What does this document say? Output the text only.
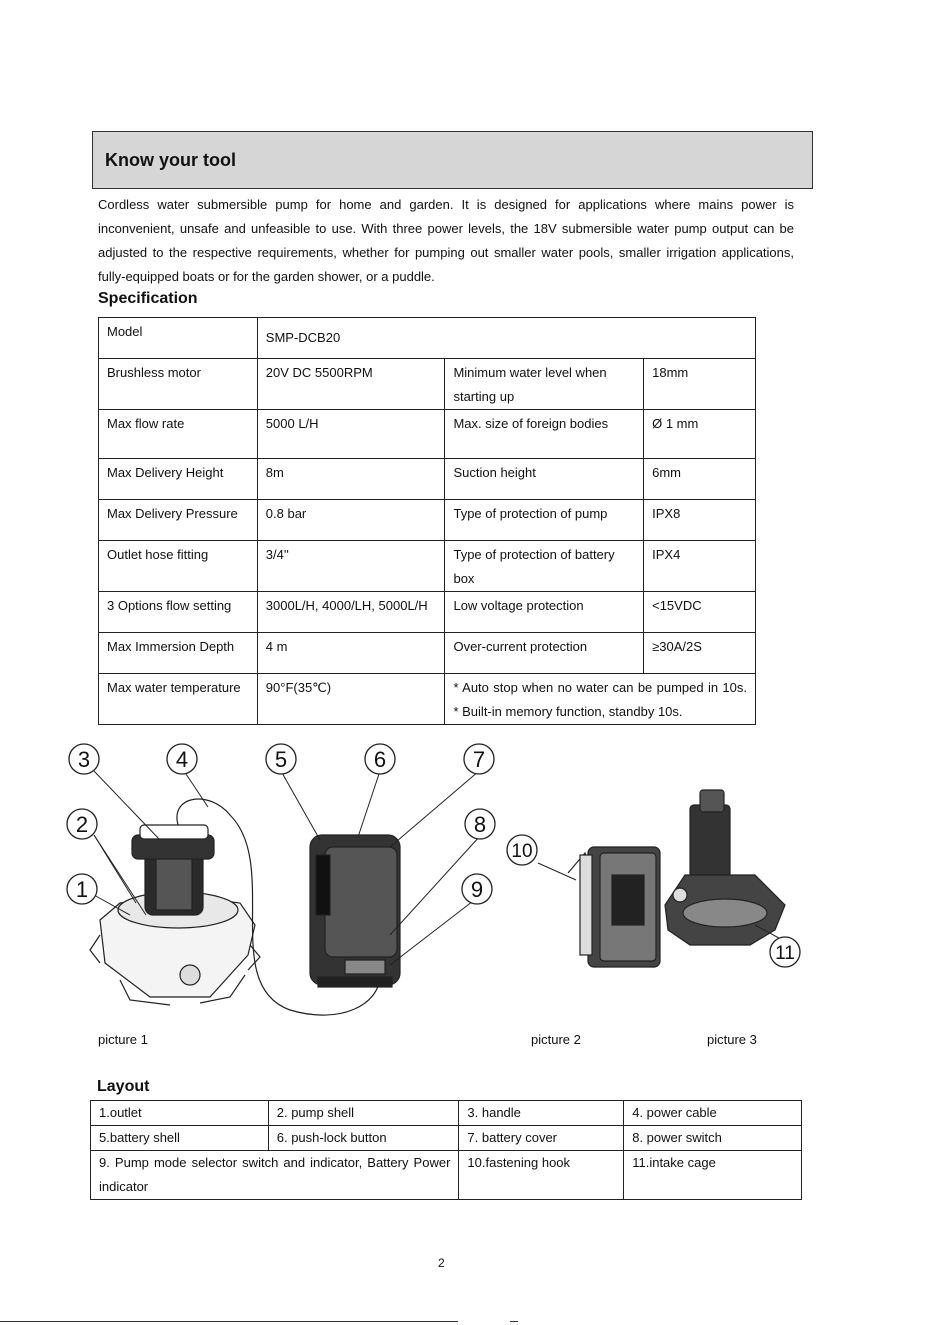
Know your tool
Cordless water submersible pump for home and garden. It is designed for applications where mains power is inconvenient, unsafe and unfeasible to use. With three power levels, the 18V submersible water pump output can be adjusted to the respective requirements, whether for pumping out smaller water pools, smaller irrigation applications, fully-equipped boats or for the garden shower, or a puddle.
Specification
Model	SMP-DCB20		
Brushless motor	20V DC 5500RPM	Minimum water level when starting up	18mm
Max flow rate	5000 L/H	Max. size of foreign bodies	Ø 1 mm
Max Delivery Height	8m	Suction height	6mm
Max Delivery Pressure	0.8 bar	Type of protection of pump	IPX8
Outlet hose fitting	3/4''	Type of protection of battery box	IPX4
3 Options flow setting	3000L/H, 4000/LH, 5000L/H	Low voltage protection	<15VDC
Max Immersion Depth	4 m	Over-current protection	≥30A/2S
Max water temperature	90°F(35℃)	* Auto stop when no water can be pumped in 10s. * Built-in memory function, standby 10s.	
3	4	5	6	7
2	8
1	9
10
11
picture 1	picture 2	picture 3
Layout
1.outlet	2. pump shell	3. handle	4. power cable
5.battery shell	6. push-lock button	7. battery cover	8. power switch
9. Pump mode selector switch and indicator, Battery Power indicator		10.fastening hook	11.intake cage
2
